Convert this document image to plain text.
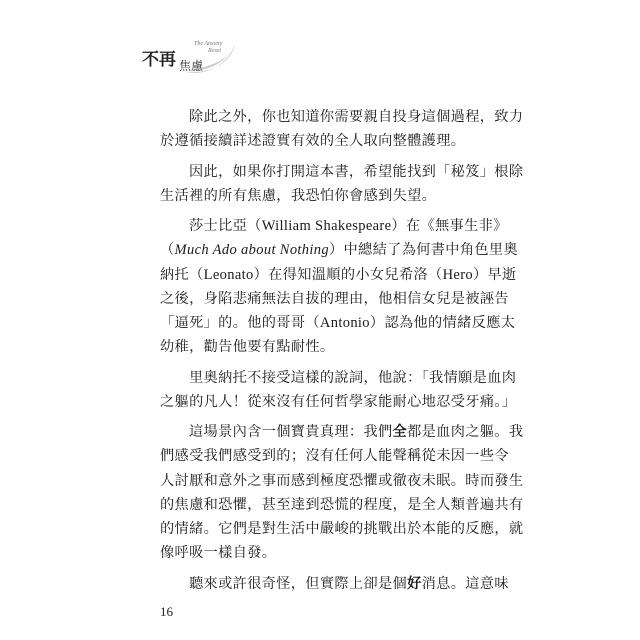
不再 焦慮
The Anxiety
Reset
除此之外，你也知道你需要親自投身這個過程，致力
於遵循接續詳述證實有效的全人取向整體護理。
因此，如果你打開這本書，希望能找到「秘笈」根除
生活裡的所有焦慮，我恐怕你會感到失望。
莎士比亞（William Shakespeare）在《無事生非》
（Much Ado about Nothing）中總結了為何書中角色里奧
納托（Leonato）在得知溫順的小女兒希洛（Hero）早逝
之後，身陷悲痛無法自拔的理由，他相信女兒是被誣告
「逼死」的。他的哥哥（Antonio）認為他的情緒反應太
幼稚，勸告他要有點耐性。
里奧納托不接受這樣的說詞，他說：「我情願是血肉
之軀的凡人！從來沒有任何哲學家能耐心地忍受牙痛。」
這場景內含一個寶貴真理：我們全都是血肉之軀。我
們感受我們感受到的；沒有任何人能聲稱從未因一些令
人討厭和意外之事而感到極度恐懼或徹夜未眠。時而發生
的焦慮和恐懼，甚至達到恐慌的程度，是全人類普遍共有
的情緒。它們是對生活中嚴峻的挑戰出於本能的反應，就
像呼吸一樣自發。
聽來或許很奇怪，但實際上卻是個好消息。這意味
16
